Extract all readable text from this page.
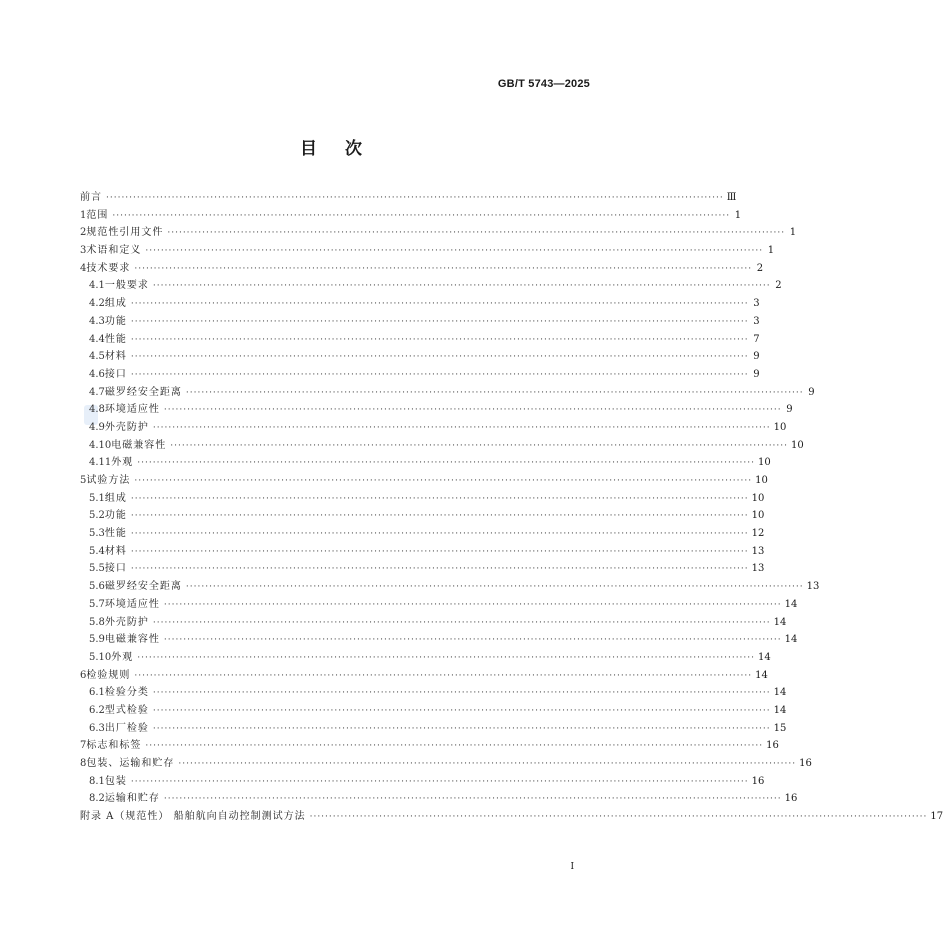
GB/T 5743—2025
目次
前言 ································································································································································ Ⅲ
1 范围 ································································································································································ 1
2 规范性引用文件 ································································································································································ 1
3 术语和定义 ································································································································································ 1
4 技术要求 ································································································································································ 2
4.1 一般要求 ································································································································································ 2
4.2 组成 ································································································································································ 3
4.3 功能 ································································································································································ 3
4.4 性能 ································································································································································ 7
4.5 材料 ································································································································································ 9
4.6 接口 ································································································································································ 9
4.7 磁罗经安全距离 ································································································································································ 9
4.8 环境适应性 ································································································································································ 9
4.9 外壳防护 ································································································································································ 10
4.10 电磁兼容性 ································································································································································ 10
4.11 外观 ································································································································································ 10
5 试验方法 ································································································································································ 10
5.1 组成 ································································································································································ 10
5.2 功能 ································································································································································ 10
5.3 性能 ································································································································································ 12
5.4 材料 ································································································································································ 13
5.5 接口 ································································································································································ 13
5.6 磁罗经安全距离 ································································································································································ 13
5.7 环境适应性 ································································································································································ 14
5.8 外壳防护 ································································································································································ 14
5.9 电磁兼容性 ································································································································································ 14
5.10 外观 ································································································································································ 14
6 检验规则 ································································································································································ 14
6.1 检验分类 ································································································································································ 14
6.2 型式检验 ································································································································································ 14
6.3 出厂检验 ································································································································································ 15
7 标志和标签 ································································································································································ 16
8 包装、运输和贮存 ································································································································································ 16
8.1 包装 ································································································································································ 16
8.2 运输和贮存 ································································································································································ 16
附录 A（规范性） 船舶航向自动控制测试方法 ································································································································································ 17
Ⅰ
